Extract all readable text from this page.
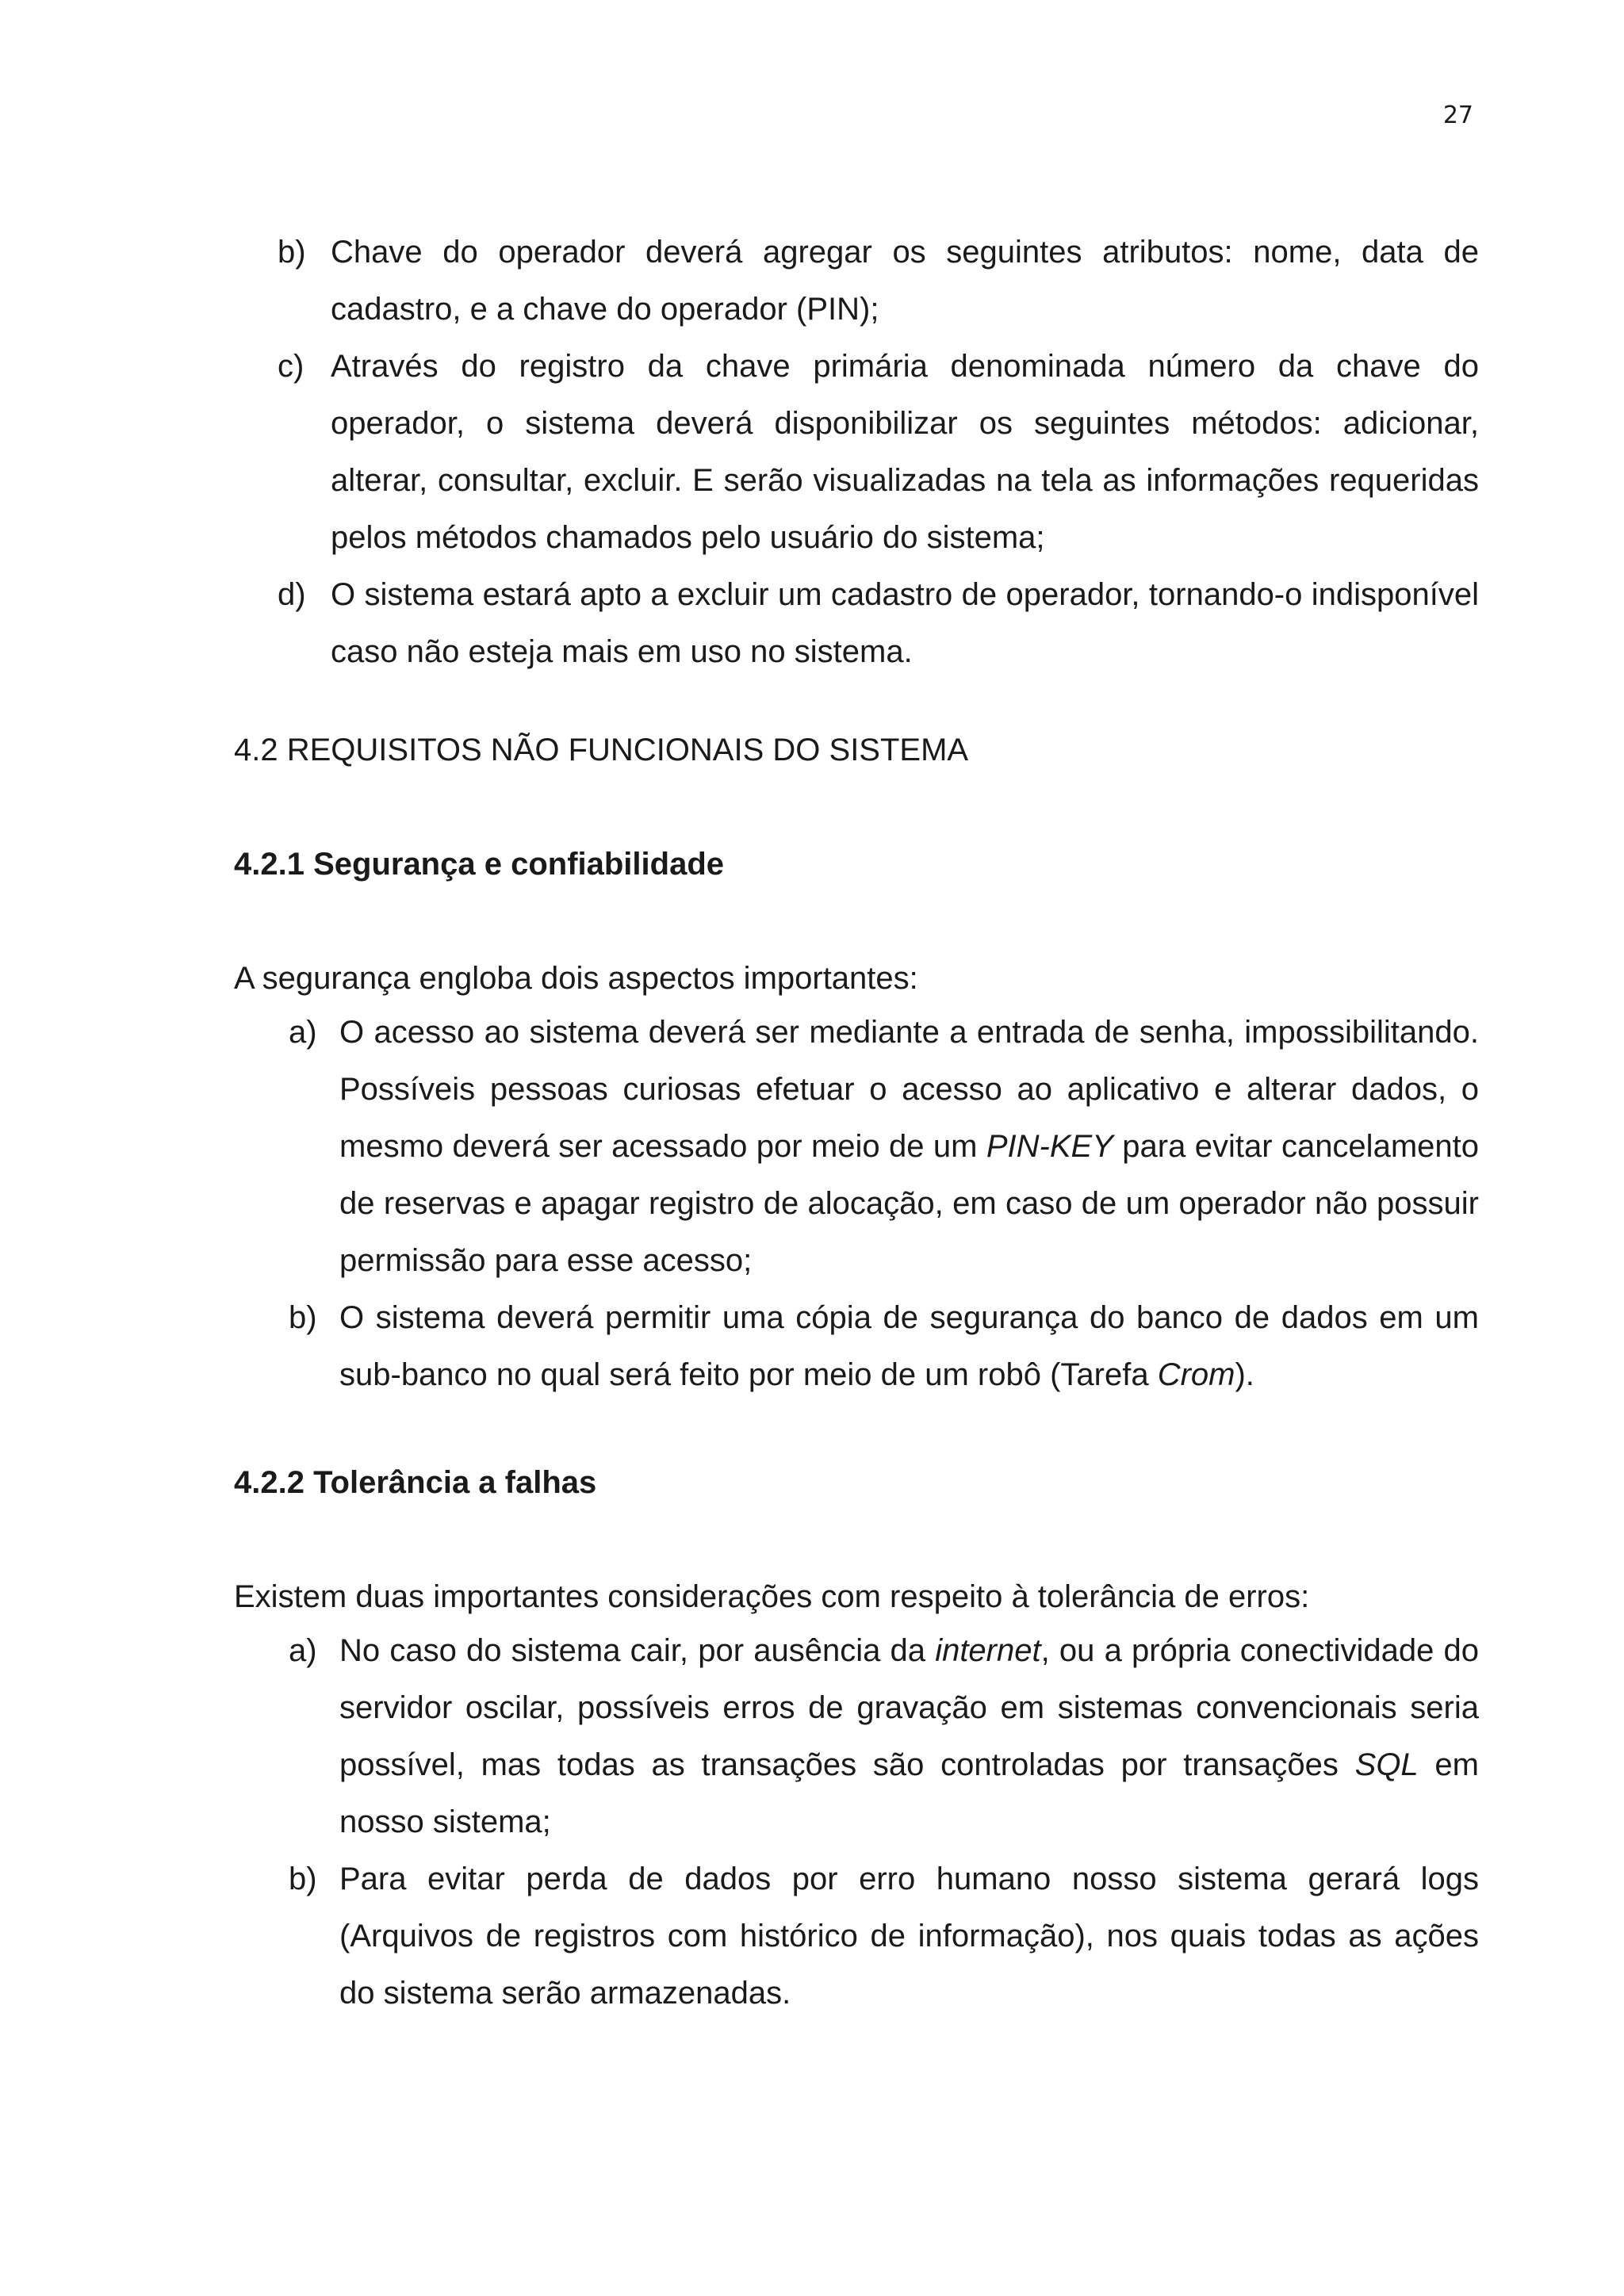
27
b) Chave do operador deverá agregar os seguintes atributos: nome, data de cadastro, e a chave do operador (PIN);
c) Através do registro da chave primária denominada número da chave do operador, o sistema deverá disponibilizar os seguintes métodos: adicionar, alterar, consultar, excluir. E serão visualizadas na tela as informações requeridas pelos métodos chamados pelo usuário do sistema;
d) O sistema estará apto a excluir um cadastro de operador, tornando-o indisponível caso não esteja mais em uso no sistema.
4.2 REQUISITOS NÃO FUNCIONAIS DO SISTEMA
4.2.1 Segurança e confiabilidade
A segurança engloba dois aspectos importantes:
a) O acesso ao sistema deverá ser mediante a entrada de senha, impossibilitando. Possíveis pessoas curiosas efetuar o acesso ao aplicativo e alterar dados, o mesmo deverá ser acessado por meio de um PIN-KEY para evitar cancelamento de reservas e apagar registro de alocação, em caso de um operador não possuir permissão para esse acesso;
b) O sistema deverá permitir uma cópia de segurança do banco de dados em um sub-banco no qual será feito por meio de um robô (Tarefa Crom).
4.2.2 Tolerância a falhas
Existem duas importantes considerações com respeito à tolerância de erros:
a) No caso do sistema cair, por ausência da internet, ou a própria conectividade do servidor oscilar, possíveis erros de gravação em sistemas convencionais seria possível, mas todas as transações são controladas por transações SQL em nosso sistema;
b) Para evitar perda de dados por erro humano nosso sistema gerará logs (Arquivos de registros com histórico de informação), nos quais todas as ações do sistema serão armazenadas.
